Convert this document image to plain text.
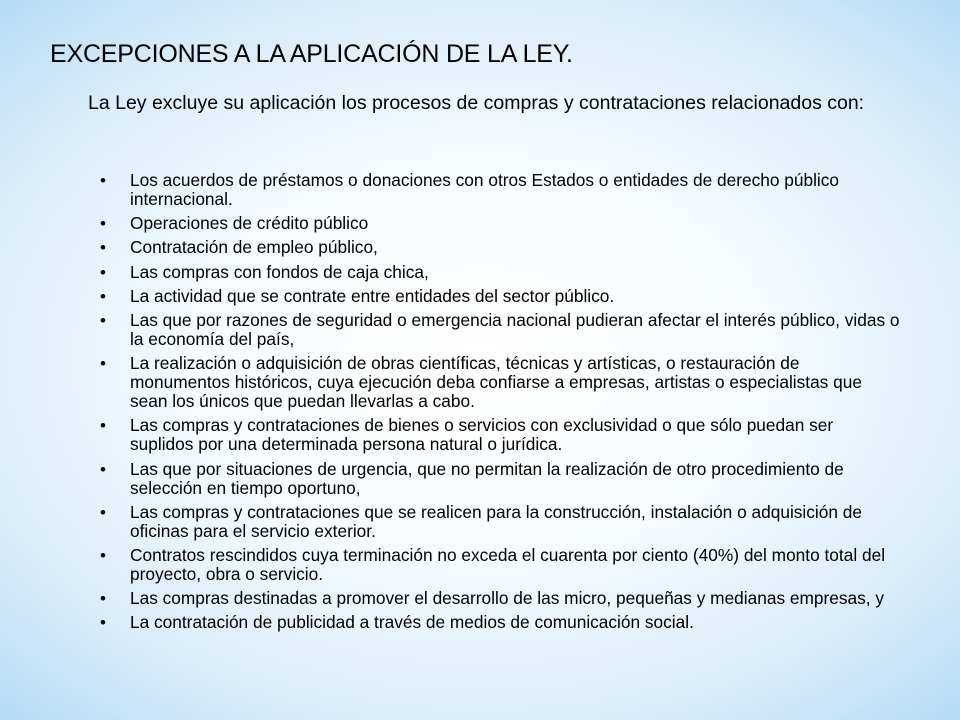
EXCEPCIONES A LA APLICACIÓN DE LA LEY.
La Ley excluye su aplicación los procesos de compras y contrataciones relacionados con:
•	Los acuerdos de préstamos o donaciones con otros Estados o entidades de derecho público internacional.
•	Operaciones de crédito público
•	Contratación de empleo público,
•	Las compras con fondos de caja chica,
•	La actividad que se contrate entre entidades del sector público.
•	Las que por razones de seguridad o emergencia nacional pudieran afectar el interés público, vidas o la economía del país,
•	La realización o adquisición de obras científicas, técnicas y artísticas, o restauración de monumentos históricos, cuya ejecución deba confiarse a empresas, artistas o especialistas que sean los únicos que puedan llevarlas a cabo.
•	Las compras y contrataciones de bienes o servicios con exclusividad o que sólo puedan ser suplidos por una determinada persona natural o jurídica.
•	Las que por situaciones de urgencia, que no permitan la realización de otro procedimiento de selección en tiempo oportuno,
•	Las compras y contrataciones que se realicen para la construcción, instalación o adquisición de oficinas para el servicio exterior.
•	Contratos rescindidos cuya terminación no exceda el cuarenta por ciento (40%) del monto total del proyecto, obra o servicio.
•	Las compras destinadas a promover el desarrollo de las micro, pequeñas y medianas empresas, y
•	La contratación de publicidad a través de medios de comunicación social.
